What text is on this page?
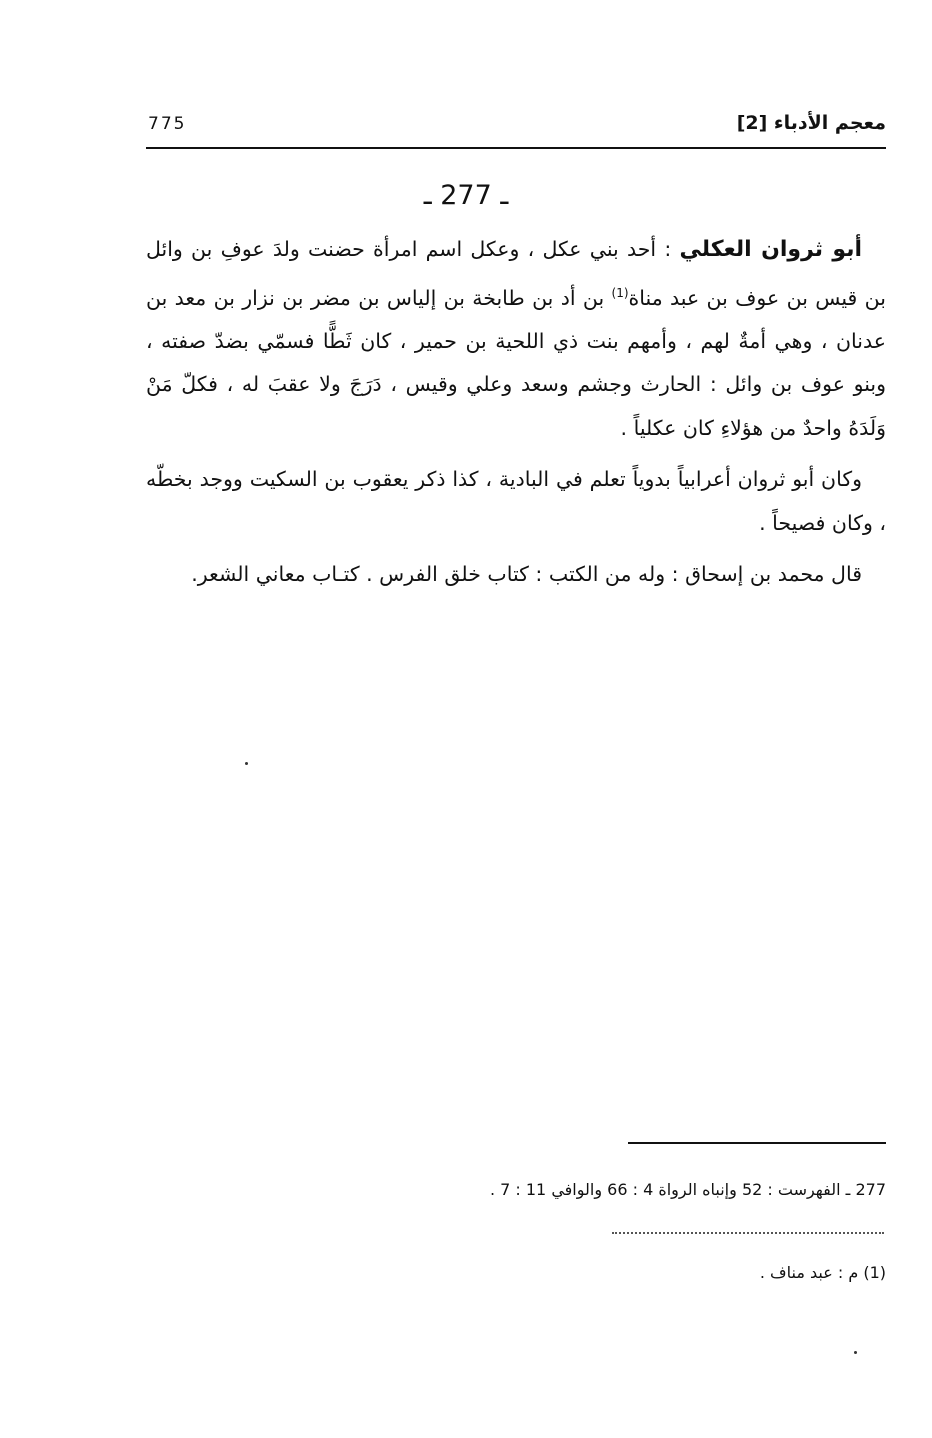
معجم الأدباء [2]
775
ـ 277 ـ

أبو ثروان العكلي : أحد بني عكل ، وعكل اسم امرأة حضنت ولدَ عوفِ بن وائل بن قيس بن عوف بن عبد مناة$^{(1)}$ بن أد بن طابخة بن إلياس بن مضر بن نزار بن معد بن عدنان ، وهي أمةٌ لهم ، وأمهم بنت ذي اللحية بن حمير ، كان ثَطًّا فسمّي بضدّ صفته ، وبنو عوف بن وائل : الحارث وجشم وسعد وعلي وقيس ، دَرَجَ ولا عقبَ له ، فكلّ مَنْ وَلَدَهُ واحدٌ من هؤلاءِ كان عكلياً .

وكان أبو ثروان أعرابياً بدوياً تعلم في البادية ، كذا ذكر يعقوب بن السكيت ووجد بخطّه ، وكان فصيحاً .

قال محمد بن إسحاق : وله من الكتب : كتاب خلق الفرس . كتـاب معاني الشعر.

277 ـ الفهرست : 52 وإنباه الرواة 4 : 66 والوافي 11 : 7 .
(1) م : عبد مناف .
